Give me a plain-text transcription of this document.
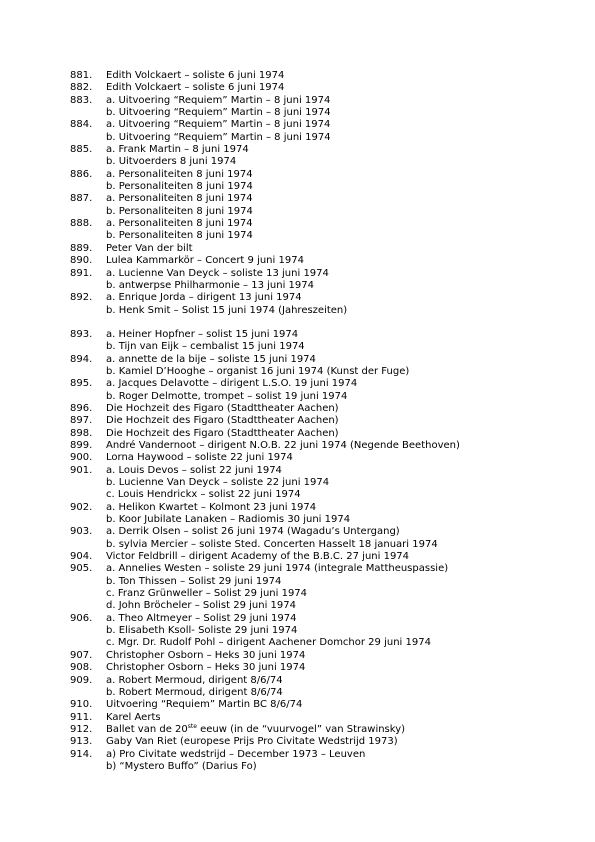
881.	Edith Volckaert – soliste 6 juni 1974
882.	Edith Volckaert – soliste 6 juni 1974
883.	a. Uitvoering “Requiem” Martin – 8 juni 1974
b. Uitvoering “Requiem” Martin – 8 juni 1974
884.	a. Uitvoering “Requiem” Martin – 8 juni 1974
b. Uitvoering “Requiem” Martin – 8 juni 1974
885.	a. Frank Martin – 8 juni 1974
b. Uitvoerders 8 juni 1974
886.	a. Personaliteiten 8 juni 1974
b. Personaliteiten 8 juni 1974
887.	a. Personaliteiten 8 juni 1974
b. Personaliteiten 8 juni 1974
888.	a. Personaliteiten 8 juni 1974
b. Personaliteiten 8 juni 1974
889.	Peter Van der bilt
890.	Lulea Kammarkör – Concert 9 juni 1974
891.	a. Lucienne Van Deyck – soliste 13 juni 1974
b. antwerpse Philharmonie – 13 juni 1974
892.	a. Enrique Jorda – dirigent 13 juni 1974
b. Henk Smit – Solist 15 juni 1974 (Jahreszeiten)
893.	a. Heiner Hopfner – solist 15 juni 1974
b. Tijn van Eijk – cembalist 15 juni 1974
894.	a. annette de la bije – soliste 15 juni 1974
b. Kamiel D’Hooghe – organist 16 juni 1974 (Kunst der Fuge)
895.	a. Jacques Delavotte – dirigent L.S.O. 19 juni 1974
b. Roger Delmotte, trompet – solist 19 juni 1974
896.	Die Hochzeit des Figaro (Stadttheater Aachen)
897.	Die Hochzeit des Figaro (Stadttheater Aachen)
898.	Die Hochzeit des Figaro (Stadttheater Aachen)
899.	André Vandernoot – dirigent N.O.B. 22 juni 1974 (Negende Beethoven)
900.	Lorna Haywood – soliste 22 juni 1974
901.	a. Louis Devos – solist 22 juni 1974
b. Lucienne Van Deyck – soliste 22 juni 1974
c. Louis Hendrickx – solist 22 juni 1974
902.	a. Helikon Kwartet – Kolmont 23 juni 1974
b. Koor Jubilate Lanaken – Radiomis 30 juni 1974
903.	a. Derrik Olsen – solist 26 juni 1974 (Wagadu’s Untergang)
b. sylvia Mercier – soliste Sted. Concerten Hasselt 18 januari 1974
904.	Victor Feldbrill – dirigent Academy of the B.B.C. 27 juni 1974
905.	a. Annelies Westen – soliste 29 juni 1974 (integrale Mattheuspassie)
b. Ton Thissen – Solist 29 juni 1974
c. Franz Grünweller – Solist 29 juni 1974
d. John Bröcheler – Solist 29 juni 1974
906.	a. Theo Altmeyer – Solist 29 juni 1974
b. Elisabeth Ksoll- Soliste 29 juni 1974
c. Mgr. Dr. Rudolf Pohl – dirigent Aachener Domchor 29 juni 1974
907.	Christopher Osborn – Heks 30 juni 1974
908.	Christopher Osborn – Heks 30 juni 1974
909.	a. Robert Mermoud, dirigent 8/6/74
b. Robert Mermoud, dirigent 8/6/74
910.	Uitvoering “Requiem” Martin BC 8/6/74
911.	Karel Aerts
912.	Ballet van de 20ste eeuw (in de “vuurvogel” van Strawinsky)
913.	Gaby Van Riet (europese Prijs Pro Civitate Wedstrijd 1973)
914.	a) Pro Civitate wedstrijd – December 1973 – Leuven
b) “Mystero Buffo” (Darius Fo)
